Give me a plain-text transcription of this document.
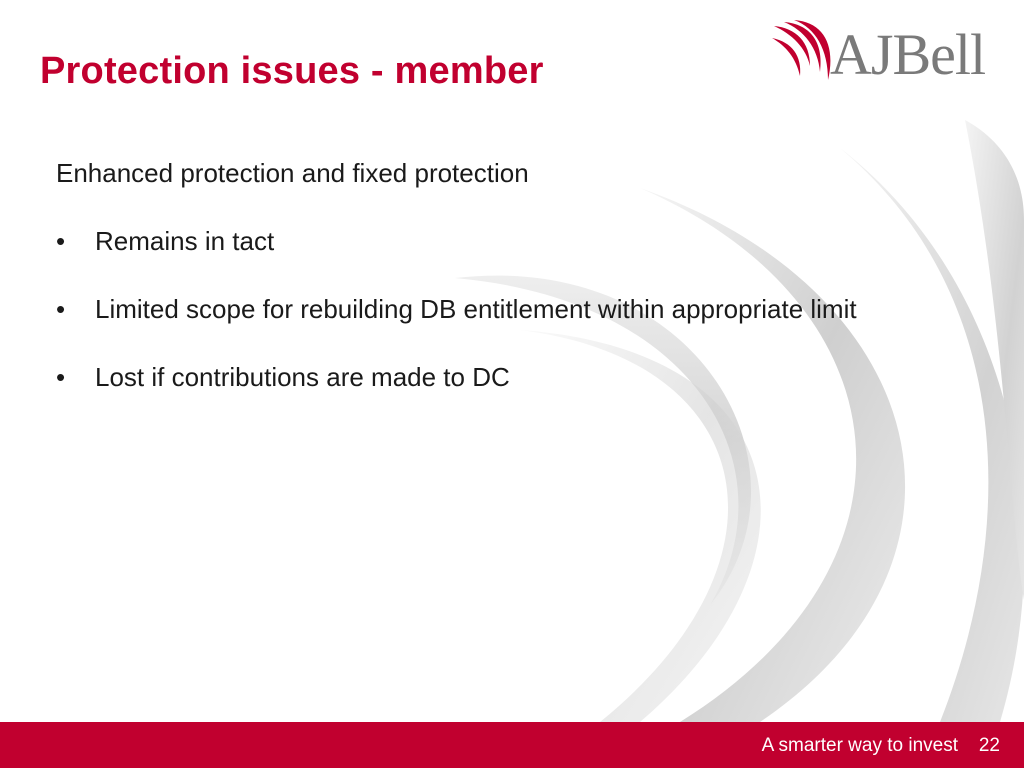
Protection issues - member	AJBell

Enhanced protection and fixed protection

• Remains in tact
• Limited scope for rebuilding DB entitlement within appropriate limit
• Lost if contributions are made to DC
A smarter way to invest 22
